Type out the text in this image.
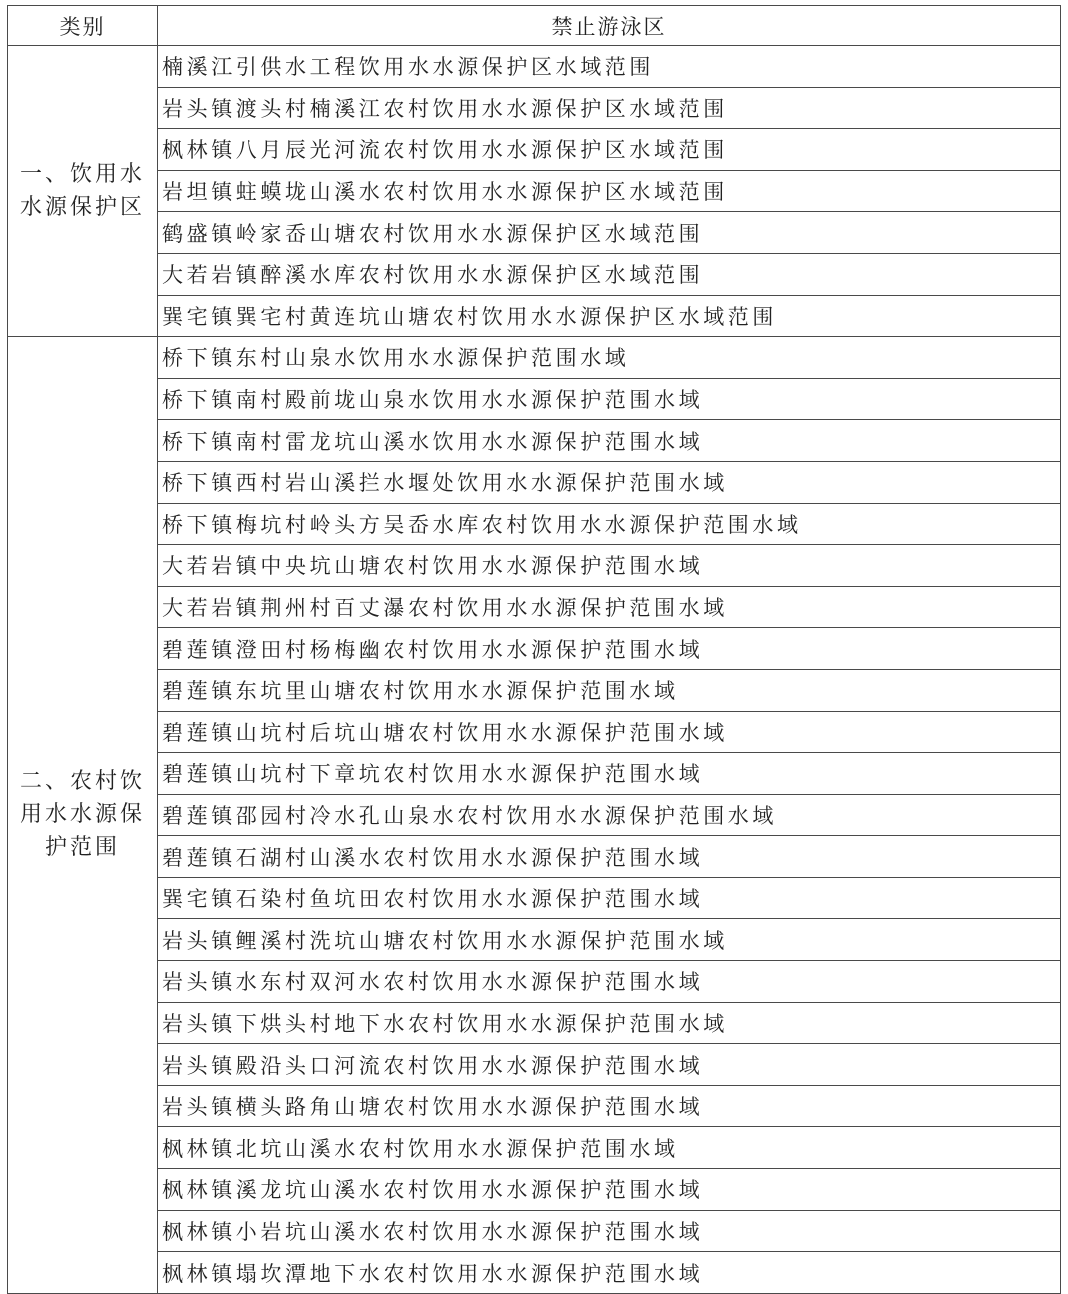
类别	禁止游泳区
一、饮用水水源保护区	楠溪江引供水工程饮用水水源保护区水域范围
	岩头镇渡头村楠溪江农村饮用水水源保护区水域范围
	枫林镇八月辰光河流农村饮用水水源保护区水域范围
	岩坦镇蛀蟆垅山溪水农村饮用水水源保护区水域范围
	鹤盛镇岭家岙山塘农村饮用水水源保护区水域范围
	大若岩镇醉溪水库农村饮用水水源保护区水域范围
	巽宅镇巽宅村黄连坑山塘农村饮用水水源保护区水域范围
二、农村饮用水水源保护范围	桥下镇东村山泉水饮用水水源保护范围水域
	桥下镇南村殿前垅山泉水饮用水水源保护范围水域
	桥下镇南村雷龙坑山溪水饮用水水源保护范围水域
	桥下镇西村岩山溪拦水堰处饮用水水源保护范围水域
	桥下镇梅坑村岭头方吴岙水库农村饮用水水源保护范围水域
	大若岩镇中央坑山塘农村饮用水水源保护范围水域
	大若岩镇荆州村百丈瀑农村饮用水水源保护范围水域
	碧莲镇澄田村杨梅幽农村饮用水水源保护范围水域
	碧莲镇东坑里山塘农村饮用水水源保护范围水域
	碧莲镇山坑村后坑山塘农村饮用水水源保护范围水域
	碧莲镇山坑村下章坑农村饮用水水源保护范围水域
	碧莲镇邵园村冷水孔山泉水农村饮用水水源保护范围水域
	碧莲镇石湖村山溪水农村饮用水水源保护范围水域
	巽宅镇石染村鱼坑田农村饮用水水源保护范围水域
	岩头镇鲤溪村洗坑山塘农村饮用水水源保护范围水域
	岩头镇水东村双河水农村饮用水水源保护范围水域
	岩头镇下烘头村地下水农村饮用水水源保护范围水域
	岩头镇殿沿头口河流农村饮用水水源保护范围水域
	岩头镇横头路角山塘农村饮用水水源保护范围水域
	枫林镇北坑山溪水农村饮用水水源保护范围水域
	枫林镇溪龙坑山溪水农村饮用水水源保护范围水域
	枫林镇小岩坑山溪水农村饮用水水源保护范围水域
	枫林镇塌坎潭地下水农村饮用水水源保护范围水域
